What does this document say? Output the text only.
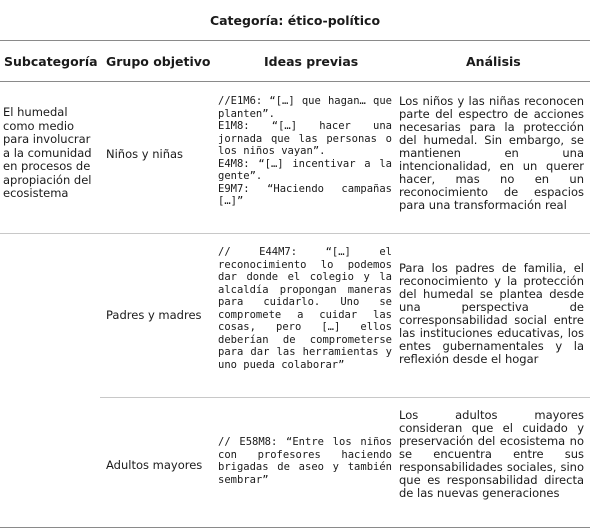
Categoría: ético-político
Subcategoría Grupo objetivo	Ideas previas	Análisis
El humedal como medio para involucrar a la comunidad en procesos de apropiación del ecosistema
Niños y niñas
//E1M6: “[…] que hagan… que planten”.
E1M8: “[…] hacer una jornada que las personas o los niños vayan”.
E4M8: “[…] incentivar a la gente”.
E9M7: “Haciendo campañas […]”
Los niños y las niñas reconocen parte del espectro de acciones necesarias para la protección del humedal. Sin embargo, se mantienen en una intencionalidad, en un querer hacer, mas no en un reconocimiento de espacios para una transformación real
Padres y madres
// E44M7: “[…] el reconocimiento lo podemos dar donde el colegio y la alcaldía propongan maneras para cuidarlo. Uno se compromete a cuidar las cosas, pero […] ellos deberían de comprometerse para dar las herramientas y uno pueda colaborar”
Para los padres de familia, el reconocimiento y la protección del humedal se plantea desde una perspectiva de corresponsabilidad social entre las instituciones educativas, los entes gubernamentales y la reflexión desde el hogar
Adultos mayores
// E58M8: “Entre los niños con profesores haciendo brigadas de aseo y también sembrar”
Los adultos mayores consideran que el cuidado y preservación del ecosistema no se encuentra entre sus responsabilidades sociales, sino que es responsabilidad directa de las nuevas generaciones
